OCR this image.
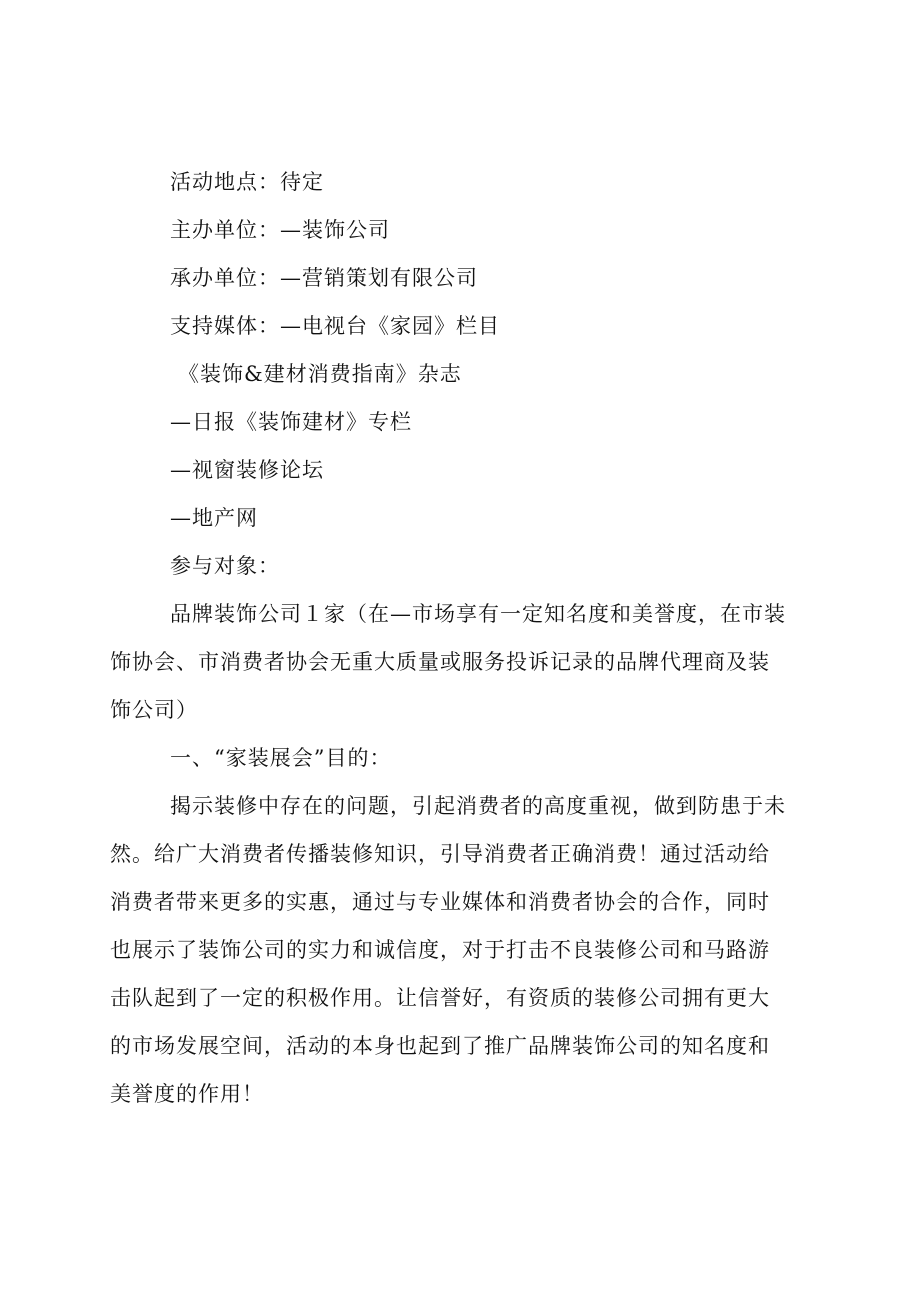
活动地点：待定
主办单位：—装饰公司
承办单位：—营销策划有限公司
支持媒体：—电视台《家园》栏目
《装饰&建材消费指南》杂志
—日报《装饰建材》专栏
—视窗装修论坛
—地产网
参与对象：
品牌装饰公司１家（在—市场享有一定知名度和美誉度，在市装
饰协会、市消费者协会无重大质量或服务投诉记录的品牌代理商及装
饰公司）
一、“家装展会”目的：
揭示装修中存在的问题，引起消费者的高度重视，做到防患于未
然。给广大消费者传播装修知识，引导消费者正确消费！通过活动给
消费者带来更多的实惠，通过与专业媒体和消费者协会的合作，同时
也展示了装饰公司的实力和诚信度，对于打击不良装修公司和马路游
击队起到了一定的积极作用。让信誉好，有资质的装修公司拥有更大
的市场发展空间，活动的本身也起到了推广品牌装饰公司的知名度和
美誉度的作用！
